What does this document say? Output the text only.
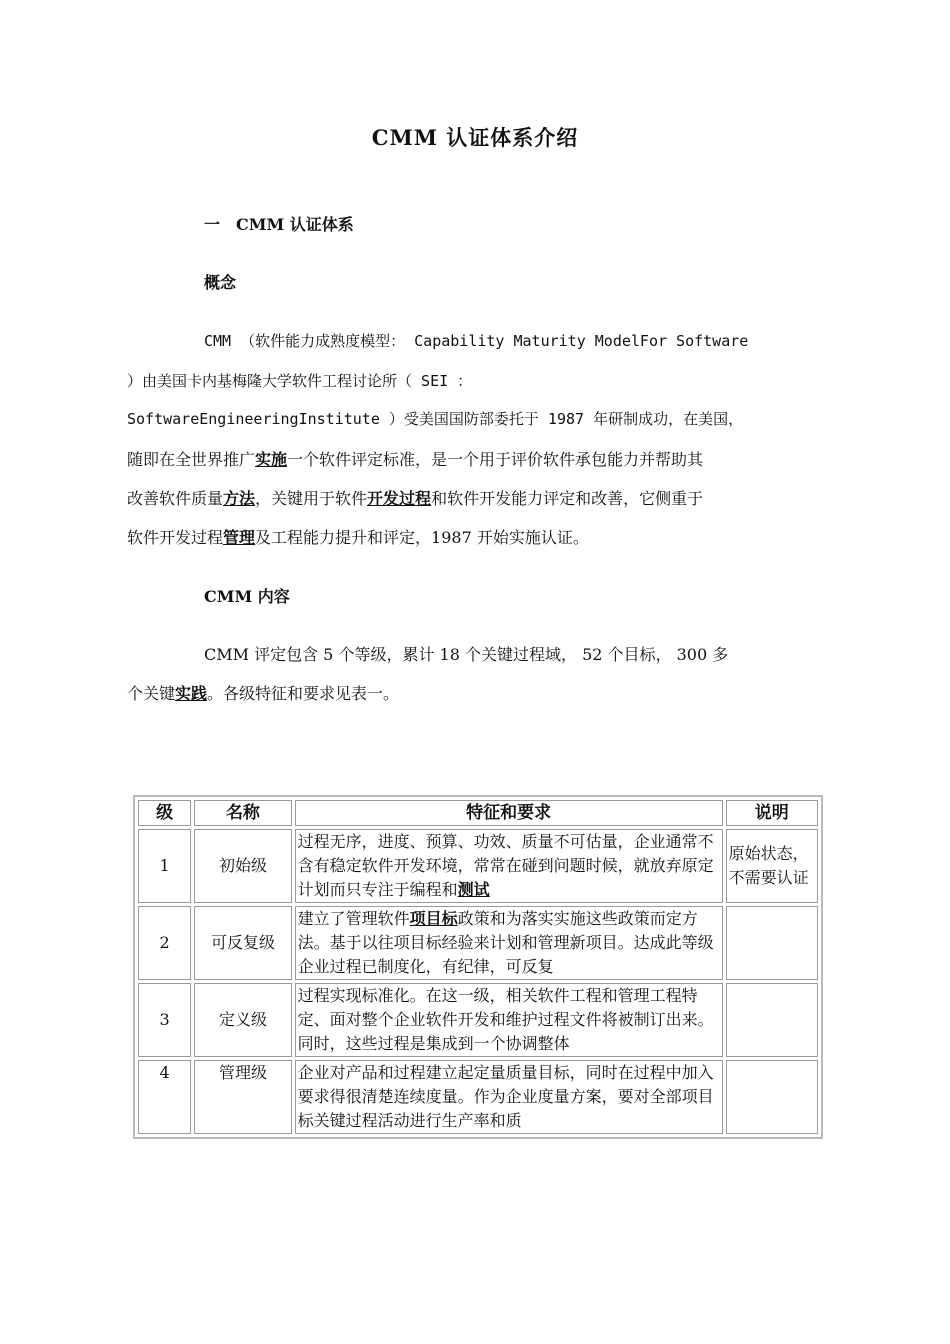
CMM 认证体系介绍
一　CMM 认证体系
概念
CMM （软件能力成熟度模型： Capability Maturity ModelFor Software
）由美国卡内基梅隆大学软件工程讨论所（ SEI ：
SoftwareEngineeringInstitute ）受美国国防部委托于 1987 年研制成功，在美国，
随即在全世界推广实施一个软件评定标准，是一个用于评价软件承包能力并帮助其
改善软件质量方法，关键用于软件开发过程和软件开发能力评定和改善，它侧重于
软件开发过程管理及工程能力提升和评定，1987 开始实施认证。
CMM 内容
CMM 评定包含 5 个等级，累计 18 个关键过程域， 52 个目标， 300 多
个关键实践。各级特征和要求见表一。
级	名称	特征和要求	说明
1	初始级	过程无序，进度、预算、功效、质量不可估量，企业通常不含有稳定软件开发环境，常常在碰到问题时候，就放弃原定计划而只专注于编程和测试	原始状态，不需要认证
2	可反复级	建立了管理软件项目标政策和为落实实施这些政策而定方法。基于以往项目标经验来计划和管理新项目。达成此等级企业过程已制度化，有纪律，可反复	
3	定义级	过程实现标准化。在这一级，相关软件工程和管理工程特定、面对整个企业软件开发和维护过程文件将被制订出来。同时，这些过程是集成到一个协调整体	
4	管理级	企业对产品和过程建立起定量质量目标，同时在过程中加入要求得很清楚连续度量。作为企业度量方案，要对全部项目标关键过程活动进行生产率和质	
